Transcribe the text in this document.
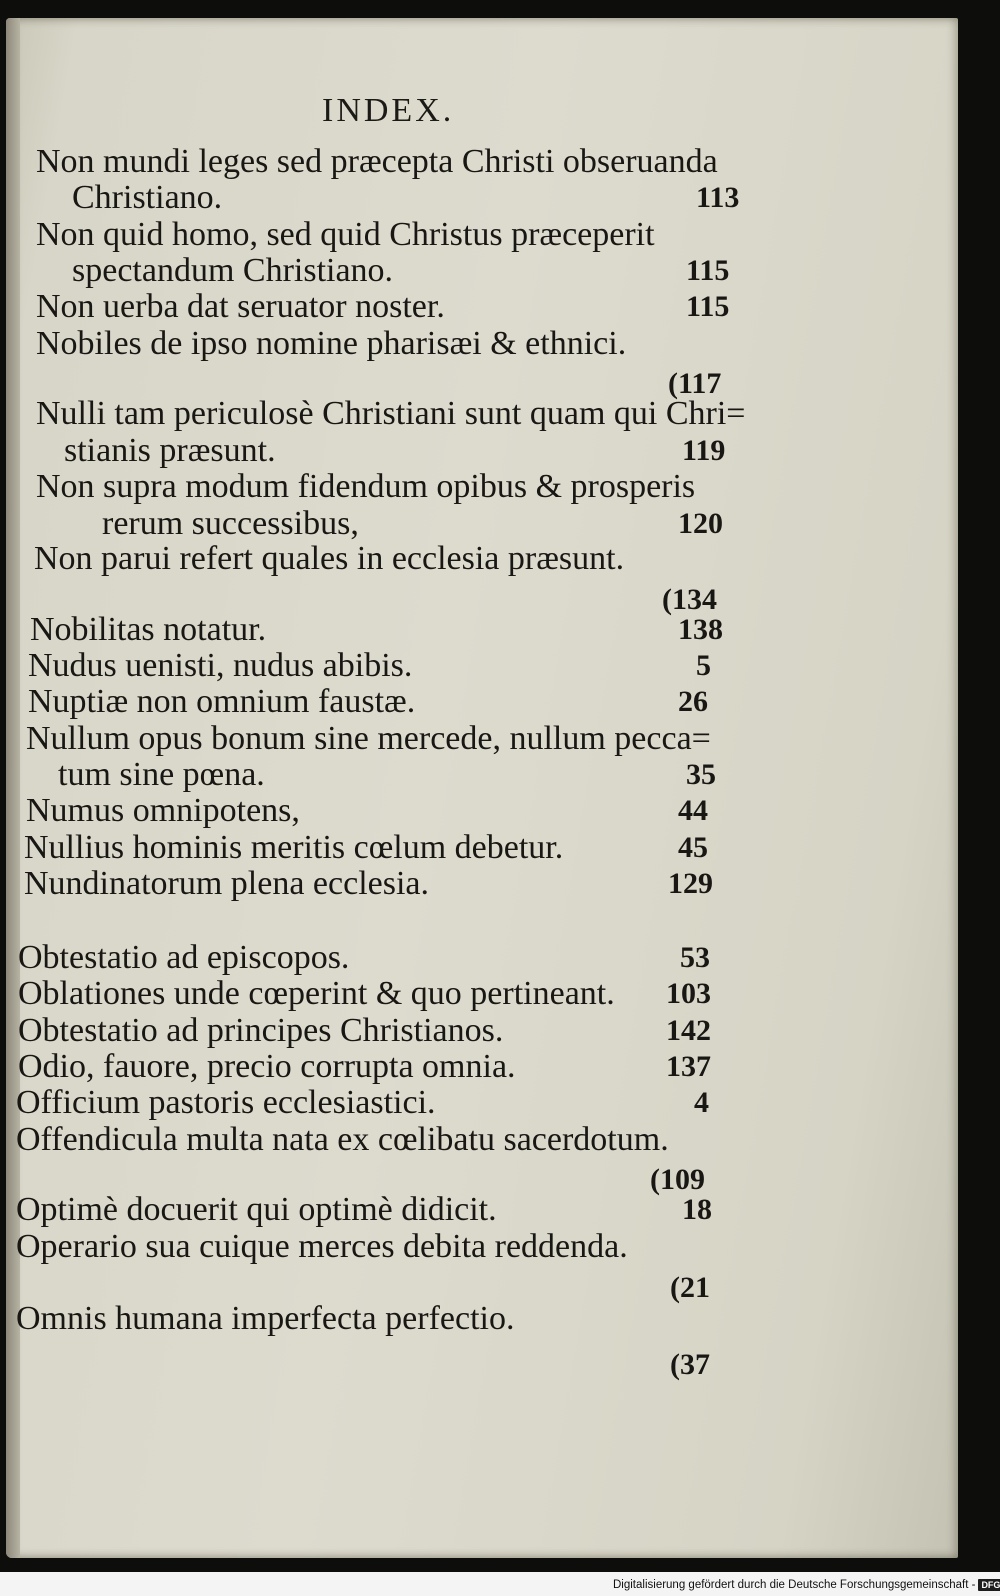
INDEX.
Non mundi leges sed præcepta Christi obseruanda
Christiano.	113
Non quid homo, sed quid Christus præceperit
spectandum Christiano.	115
Non uerba dat seruator noster.	115
Nobiles de ipso nomine pharisæi & ethnici.
(117
Nulli tam periculosè Christiani sunt quam qui Chri=
stianis præsunt.	119
Non supra modum fidendum opibus & prosperis
rerum successibus,	120
Non parui refert quales in ecclesia præsunt.
(134
Nobilitas notatur.	138
Nudus uenisti, nudus abibis.	5
Nuptiæ non omnium faustæ.	26
Nullum opus bonum sine mercede, nullum pecca=
tum sine pœna.	35
Numus omnipotens,	44
Nullius hominis meritis cœlum debetur.	45
Nundinatorum plena ecclesia.	129
Obtestatio ad episcopos.	53
Oblationes unde cœperint & quo pertineant. 103
Obtestatio ad principes Christianos.	142
Odio, fauore, precio corrupta omnia.	137
Officium pastoris ecclesiastici.	4
Offendicula multa nata ex cœlibatu sacerdotum.
(109
Optimè docuerit qui optimè didicit.	18
Operario sua cuique merces debita reddenda.
(21
Omnis humana imperfecta perfectio.
(37
Digitalisierung gefördert durch die Deutsche Forschungsgemeinschaft - DFG
